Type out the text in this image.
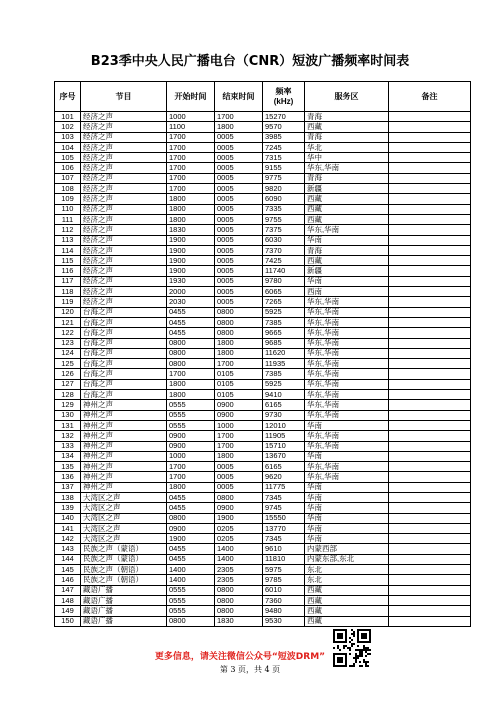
B23季中央人民广播电台（CNR）短波广播频率时间表
序号	节目	开始时间	结束时间	频率
(kHz)	服务区	备注
101	经济之声	1000	1700	15270	青海	
102	经济之声	1100	1800	9570	西藏	
103	经济之声	1700	0005	3985	青海	
104	经济之声	1700	0005	7245	华北	
105	经济之声	1700	0005	7315	华中	
106	经济之声	1700	0005	9155	华东,华南	
107	经济之声	1700	0005	9775	青海	
108	经济之声	1700	0005	9820	新疆	
109	经济之声	1800	0005	6090	西藏	
110	经济之声	1800	0005	7335	西藏	
111	经济之声	1800	0005	9755	西藏	
112	经济之声	1830	0005	7375	华东,华南	
113	经济之声	1900	0005	6030	华南	
114	经济之声	1900	0005	7370	青海	
115	经济之声	1900	0005	7425	西藏	
116	经济之声	1900	0005	11740	新疆	
117	经济之声	1930	0005	9780	华南	
118	经济之声	2000	0005	6065	西南	
119	经济之声	2030	0005	7265	华东,华南	
120	台海之声	0455	0800	5925	华东,华南	
121	台海之声	0455	0800	7385	华东,华南	
122	台海之声	0455	0800	9665	华东,华南	
123	台海之声	0800	1800	9685	华东,华南	
124	台海之声	0800	1800	11620	华东,华南	
125	台海之声	0800	1700	11935	华东,华南	
126	台海之声	1700	0105	7385	华东,华南	
127	台海之声	1800	0105	5925	华东,华南	
128	台海之声	1800	0105	9410	华东,华南	
129	神州之声	0555	0900	6165	华东,华南	
130	神州之声	0555	0900	9730	华东,华南	
131	神州之声	0555	1000	12010	华南	
132	神州之声	0900	1700	11905	华东,华南	
133	神州之声	0900	1700	15710	华东,华南	
134	神州之声	1000	1800	13670	华南	
135	神州之声	1700	0005	6165	华东,华南	
136	神州之声	1700	0005	9620	华东,华南	
137	神州之声	1800	0005	11775	华南	
138	大湾区之声	0455	0800	7345	华南	
139	大湾区之声	0455	0900	9745	华南	
140	大湾区之声	0800	1900	15550	华南	
141	大湾区之声	0900	0205	13770	华南	
142	大湾区之声	1900	0205	7345	华南	
143	民族之声（蒙语）	0455	1400	9610	内蒙西部	
144	民族之声（蒙语）	0455	1400	11810	内蒙东部,东北	
145	民族之声（朝语）	1400	2305	5975	东北	
146	民族之声（朝语）	1400	2305	9785	东北	
147	藏语广播	0555	0800	6010	西藏	
148	藏语广播	0555	0800	7360	西藏	
149	藏语广播	0555	0800	9480	西藏	
150	藏语广播	0800	1830	9530	西藏	
更多信息，请关注微信公众号“短波DRM”
第 3 页，共 4 页
